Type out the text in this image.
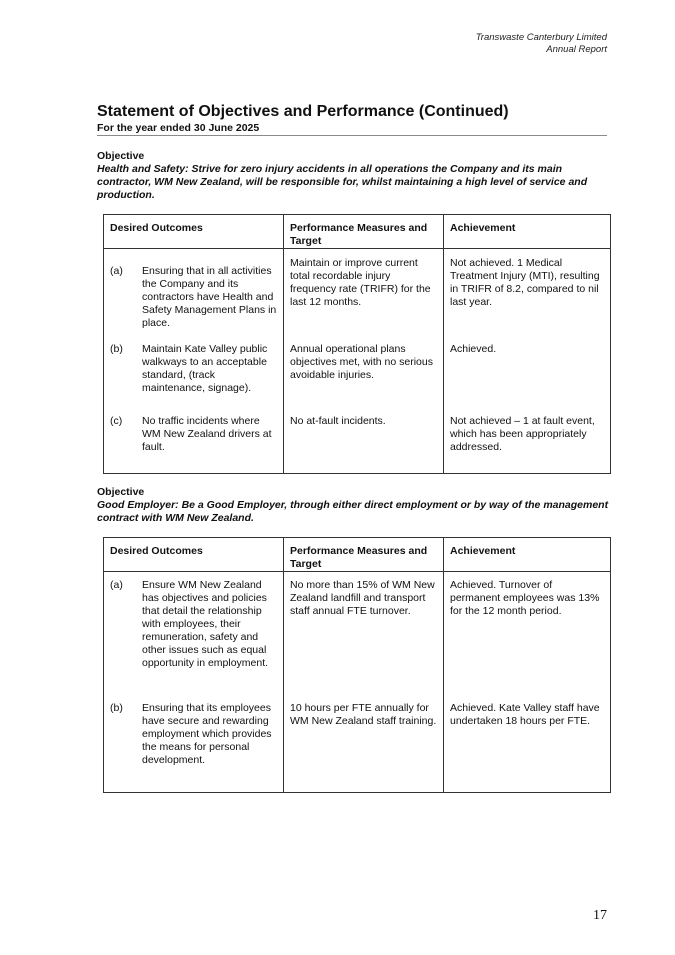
Transwaste Canterbury Limited
Annual Report
Statement of Objectives and Performance (Continued)
For the year ended 30 June 2025
Objective
Health and Safety: Strive for zero injury accidents in all operations the Company and its main contractor, WM New Zealand, will be responsible for, whilst maintaining a high level of service and production.
Desired Outcomes	Performance Measures and Target	Achievement

(a) Ensuring that in all activities the Company and its contractors have Health and Safety Management Plans in place.	Maintain or improve current total recordable injury frequency rate (TRIFR) for the last 12 months.	Not achieved. 1 Medical Treatment Injury (MTI), resulting in TRIFR of 8.2, compared to nil last year.

(b) Maintain Kate Valley public walkways to an acceptable standard, (track maintenance, signage).	Annual operational plans objectives met, with no serious avoidable injuries.	Achieved.

(c) No traffic incidents where WM New Zealand drivers at fault.	No at-fault incidents.	Not achieved – 1 at fault event, which has been appropriately addressed.
Objective
Good Employer: Be a Good Employer, through either direct employment or by way of the management contract with WM New Zealand.
Desired Outcomes	Performance Measures and Target	Achievement

(a) Ensure WM New Zealand has objectives and policies that detail the relationship with employees, their remuneration, safety and other issues such as equal opportunity in employment.	No more than 15% of WM New Zealand landfill and transport staff annual FTE turnover.	Achieved. Turnover of permanent employees was 13% for the 12 month period.

(b) Ensuring that its employees have secure and rewarding employment which provides the means for personal development.	10 hours per FTE annually for WM New Zealand staff training.	Achieved. Kate Valley staff have undertaken 18 hours per FTE.
17
